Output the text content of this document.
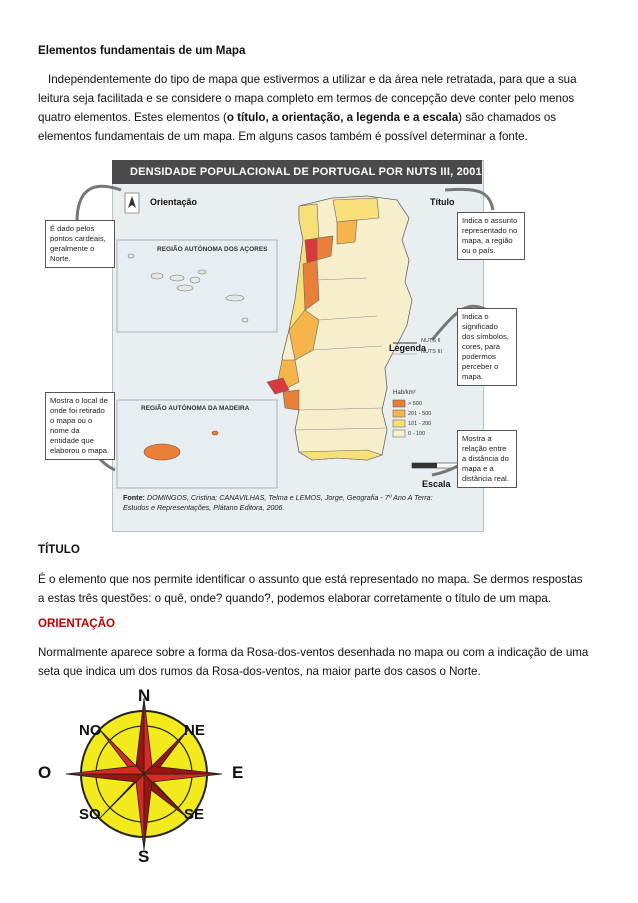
Elementos fundamentais de um Mapa
Independentemente do tipo de mapa que estivermos a utilizar e da área nele retratada, para que a sua
leitura seja facilitada e se considere o mapa completo em termos de concepção deve conter pelo menos
quatro elementos. Estes elementos (o título, a orientação, a legenda e a escala) são chamados os
elementos fundamentais de um mapa. Em alguns casos também é possível determinar a fonte.
DENSIDADE POPULACIONAL DE PORTUGAL POR NUTS III, 2001
Orientação	Título
Legenda
Escala
REGIÃO AUTÓNOMA DOS AÇORES
REGIÃO AUTÓNOMA DA MADEIRA
NUTS II
NUTS III
Hab/km²
> 500
201 - 500
101 - 200
0 - 100
É dado pelos pontos cardeais, geralmente o Norte.
Mostra o local de onde foi retirado o mapa ou o nome da entidade que elaborou o mapa.
Indica o assunto representado no mapa, a região ou o país.
Indica o significado dos símbolos, cores, para podermos perceber o mapa.
Mostra a relação entre a distância do mapa e a distância real.
Fonte: DOMINGOS, Cristina; CANAVILHAS, Telma e LEMOS, Jorge, Geografia - 7º Ano A Terra:
Estudos e Representações, Plátano Editora, 2006.
TÍTULO
É o elemento que nos permite identificar o assunto que está representado no mapa. Se dermos respostas
a estas três questões: o quê, onde? quando?, podemos elaborar corretamente o título de um mapa.
ORIENTAÇÃO
Normalmente aparece sobre a forma da Rosa-dos-ventos desenhada no mapa ou com a indicação de uma
seta que indica um dos rumos da Rosa-dos-ventos, na maior parte dos casos o Norte.
N
S
E
O
NO	NE
SO	SE
